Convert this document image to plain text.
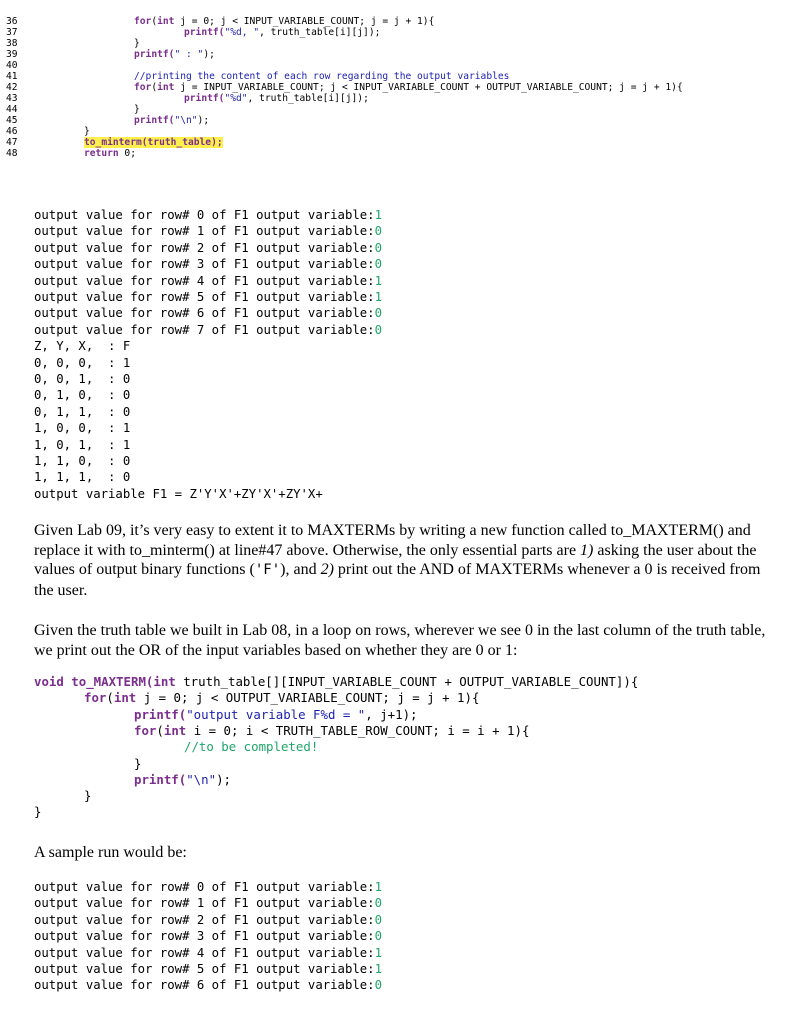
36
37
38
39
40
41
42
43
44
45
46
47
48
for(int j = 0; j < INPUT_VARIABLE_COUNT; j = j + 1){
printf("%d, ", truth_table[i][j]);
}
printf(" : ");
//printing the content of each row regarding the output variables
for(int j = INPUT_VARIABLE_COUNT; j < INPUT_VARIABLE_COUNT + OUTPUT_VARIABLE_COUNT; j = j + 1){
printf("%d", truth_table[i][j]);
}
printf("\n");
}
to_minterm(truth_table);
return 0;
output value for row# 0 of F1 output variable:1
output value for row# 1 of F1 output variable:0
output value for row# 2 of F1 output variable:0
output value for row# 3 of F1 output variable:0
output value for row# 4 of F1 output variable:1
output value for row# 5 of F1 output variable:1
output value for row# 6 of F1 output variable:0
output value for row# 7 of F1 output variable:0
Z, Y, X,  : F
0, 0, 0,  : 1
0, 0, 1,  : 0
0, 1, 0,  : 0
0, 1, 1,  : 0
1, 0, 0,  : 1
1, 0, 1,  : 1
1, 1, 0,  : 0
1, 1, 1,  : 0
output variable F1 = Z'Y'X'+ZY'X'+ZY'X+
Given Lab 09, it’s very easy to extent it to MAXTERMs by writing a new function called to_MAXTERM() and replace it with to_minterm() at line#47 above. Otherwise, the only essential parts are 1) asking the user about the values of output binary functions ('F'), and 2) print out the AND of MAXTERMs whenever a 0 is received from the user.
Given the truth table we built in Lab 08, in a loop on rows, wherever we see 0 in the last column of the truth table, we print out the OR of the input variables based on whether they are 0 or 1:
void to_MAXTERM(int truth_table[][INPUT_VARIABLE_COUNT + OUTPUT_VARIABLE_COUNT]){
for(int j = 0; j < OUTPUT_VARIABLE_COUNT; j = j + 1){
printf("output variable F%d = ", j+1);
for(int i = 0; i < TRUTH_TABLE_ROW_COUNT; i = i + 1){
//to be completed!
}
printf("\n");
}
}
A sample run would be:
output value for row# 0 of F1 output variable:1
output value for row# 1 of F1 output variable:0
output value for row# 2 of F1 output variable:0
output value for row# 3 of F1 output variable:0
output value for row# 4 of F1 output variable:1
output value for row# 5 of F1 output variable:1
output value for row# 6 of F1 output variable:0
